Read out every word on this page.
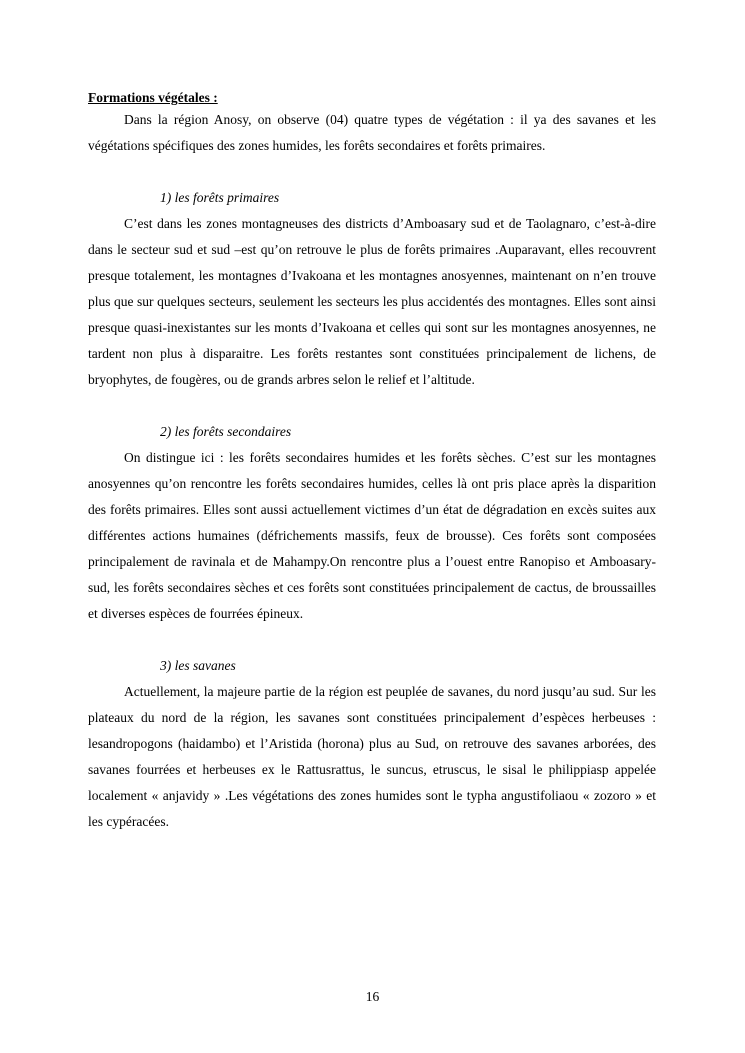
Formations végétales :

Dans la région Anosy, on observe (04) quatre types de végétation : il ya des savanes et les végétations spécifiques des zones humides, les forêts secondaires et forêts primaires.

1) les forêts primaires

C’est dans les zones montagneuses des districts d’Amboasary sud et de Taolagnaro, c’est-à-dire dans le secteur sud et sud –est qu’on retrouve le plus de forêts primaires .Auparavant, elles recouvrent presque totalement, les montagnes d’Ivakoana et les montagnes anosyennes, maintenant on n’en trouve plus que sur quelques secteurs, seulement les secteurs les plus accidentés des montagnes. Elles sont ainsi presque quasi-inexistantes sur les monts d’Ivakoana et celles qui sont sur les montagnes anosyennes, ne tardent non plus à disparaitre. Les forêts restantes sont constituées principalement de lichens, de bryophytes, de fougères, ou de grands arbres selon le relief et l’altitude.

2) les forêts secondaires

On distingue ici : les forêts secondaires humides et les forêts sèches. C’est sur les montagnes anosyennes qu’on rencontre les forêts secondaires humides, celles là ont pris place après la disparition des forêts primaires. Elles sont aussi actuellement victimes d’un état de dégradation en excès suites aux différentes actions humaines (défrichements massifs, feux de brousse). Ces forêts sont composées principalement de ravinala et de Mahampy.On rencontre plus a l’ouest entre Ranopiso et Amboasary-sud, les forêts secondaires sèches et ces forêts sont constituées principalement de cactus, de broussailles et diverses espèces de fourrées épineux.

3) les savanes

Actuellement, la majeure partie de la région est peuplée de savanes, du nord jusqu’au sud. Sur les plateaux du nord de la région, les savanes sont constituées principalement d’espèces herbeuses : lesandropogons (haidambo) et l’Aristida (horona) plus au Sud, on retrouve des savanes arborées, des savanes fourrées et herbeuses ex le Rattusrattus, le suncus, etruscus, le sisal le philippiasp appelée localement « anjavidy » .Les végétations des zones humides sont le typha angustifoliaou « zozoro » et les cypéracées.

16
